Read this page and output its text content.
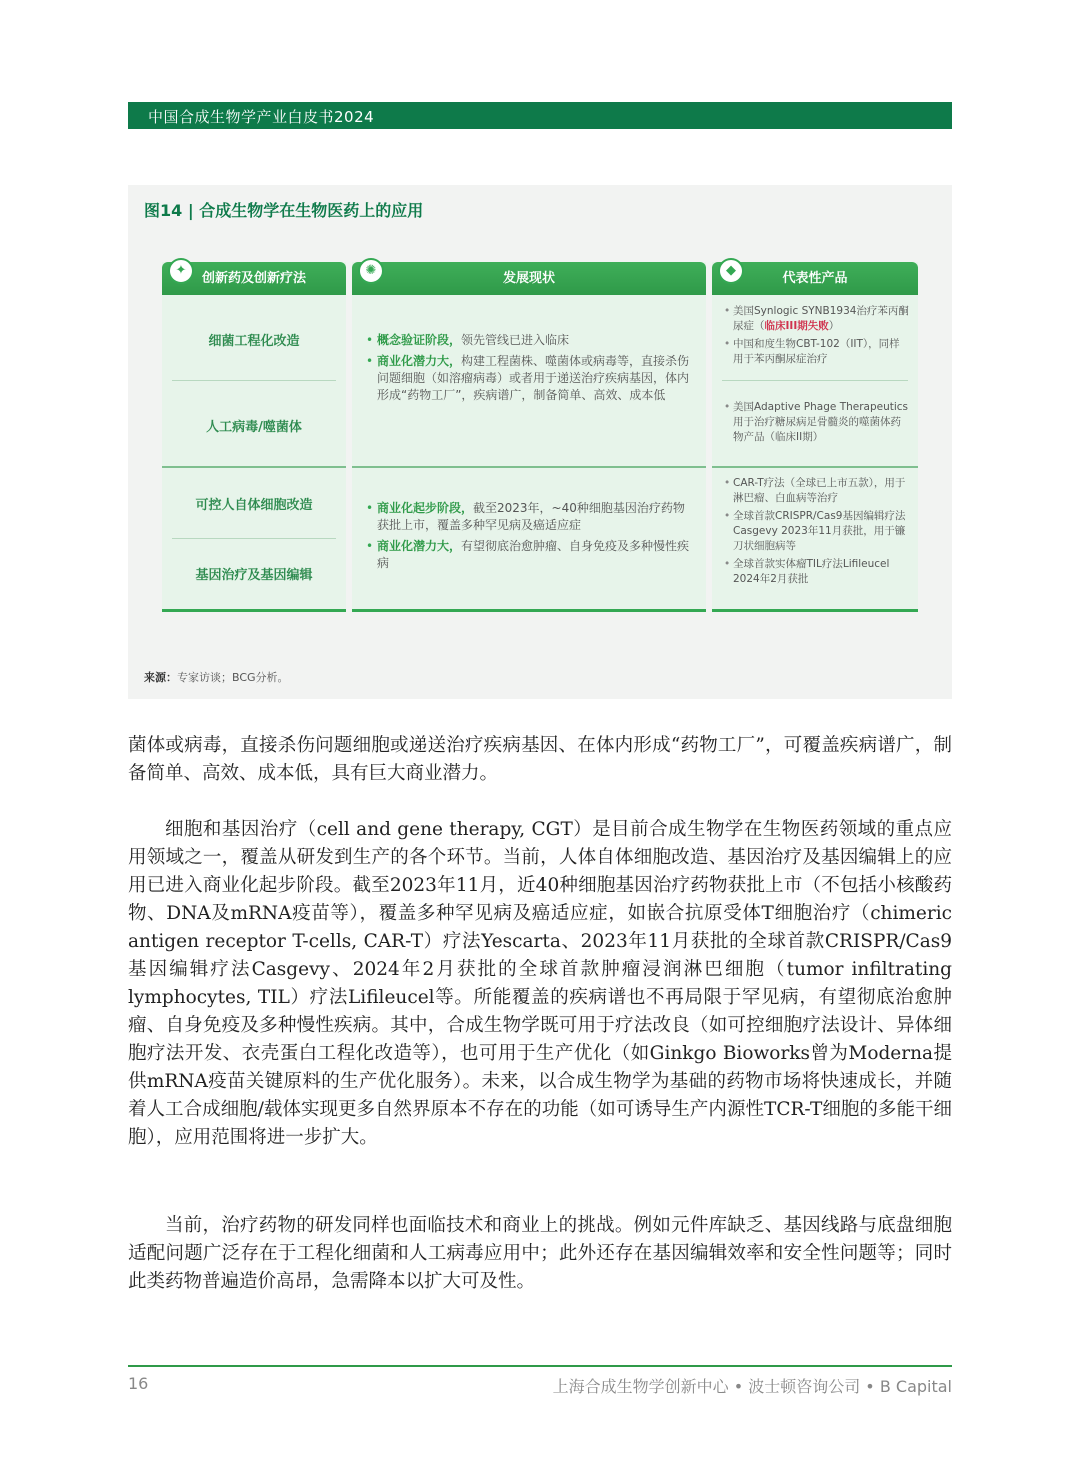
中国合成生物学产业白皮书2024
图14 | 合成生物学在生物医药上的应用
✦
创新药及创新疗法
细菌工程化改造
人工病毒/噬菌体
可控人自体细胞改造
基因治疗及基因编辑
✺
发展现状
• 概念验证阶段，领先管线已进入临床
• 商业化潜力大，构建工程菌株、噬菌体或病毒等，直接杀伤问题细胞（如溶瘤病毒）或者用于递送治疗疾病基因，体内形成“药物工厂”，疾病谱广，制备简单、高效、成本低
• 商业化起步阶段，截至2023年，~40种细胞基因治疗药物获批上市，覆盖多种罕见病及癌适应症
• 商业化潜力大，有望彻底治愈肿瘤、自身免疫及多种慢性疾病
◆
代表性产品
• 美国Synlogic SYNB1934治疗苯丙酮尿症（临床III期失败）
• 中国和度生物CBT-102（IIT），同样用于苯丙酮尿症治疗
• 美国Adaptive Phage Therapeutics 用于治疗糖尿病足骨髓炎的噬菌体药物产品（临床II期）
• CAR-T疗法（全球已上市五款），用于淋巴瘤、白血病等治疗
• 全球首款CRISPR/Cas9基因编辑疗法Casgevy 2023年11月获批，用于镰刀状细胞病等
• 全球首款实体瘤TIL疗法Lifileucel 2024年2月获批
来源：专家访谈；BCG分析。
菌体或病毒，直接杀伤问题细胞或递送治疗疾病基因、在体内形成“药物工厂”，可覆盖疾病谱广，制备简单、高效、成本低，具有巨大商业潜力。
细胞和基因治疗（cell and gene therapy, CGT）是目前合成生物学在生物医药领域的重点应用领域之一，覆盖从研发到生产的各个环节。当前，人体自体细胞改造、基因治疗及基因编辑上的应用已进入商业化起步阶段。截至2023年11月，近40种细胞基因治疗药物获批上市（不包括小核酸药物、DNA及mRNA疫苗等），覆盖多种罕见病及癌适应症，如嵌合抗原受体T细胞治疗（chimeric antigen receptor T-cells, CAR-T）疗法Yescarta、2023年11月获批的全球首款CRISPR/Cas9基因编辑疗法Casgevy、2024年2月获批的全球首款肿瘤浸润淋巴细胞（tumor infiltrating lymphocytes, TIL）疗法Lifileucel等。所能覆盖的疾病谱也不再局限于罕见病，有望彻底治愈肿瘤、自身免疫及多种慢性疾病。其中，合成生物学既可用于疗法改良（如可控细胞疗法设计、异体细胞疗法开发、衣壳蛋白工程化改造等），也可用于生产优化（如Ginkgo Bioworks曾为Moderna提供mRNA疫苗关键原料的生产优化服务）。未来，以合成生物学为基础的药物市场将快速成长，并随着人工合成细胞/载体实现更多自然界原本不存在的功能（如可诱导生产内源性TCR-T细胞的多能干细胞），应用范围将进一步扩大。
当前，治疗药物的研发同样也面临技术和商业上的挑战。例如元件库缺乏、基因线路与底盘细胞适配问题广泛存在于工程化细菌和人工病毒应用中；此外还存在基因编辑效率和安全性问题等；同时此类药物普遍造价高昂，急需降本以扩大可及性。
16	上海合成生物学创新中心 • 波士顿咨询公司 • B Capital
